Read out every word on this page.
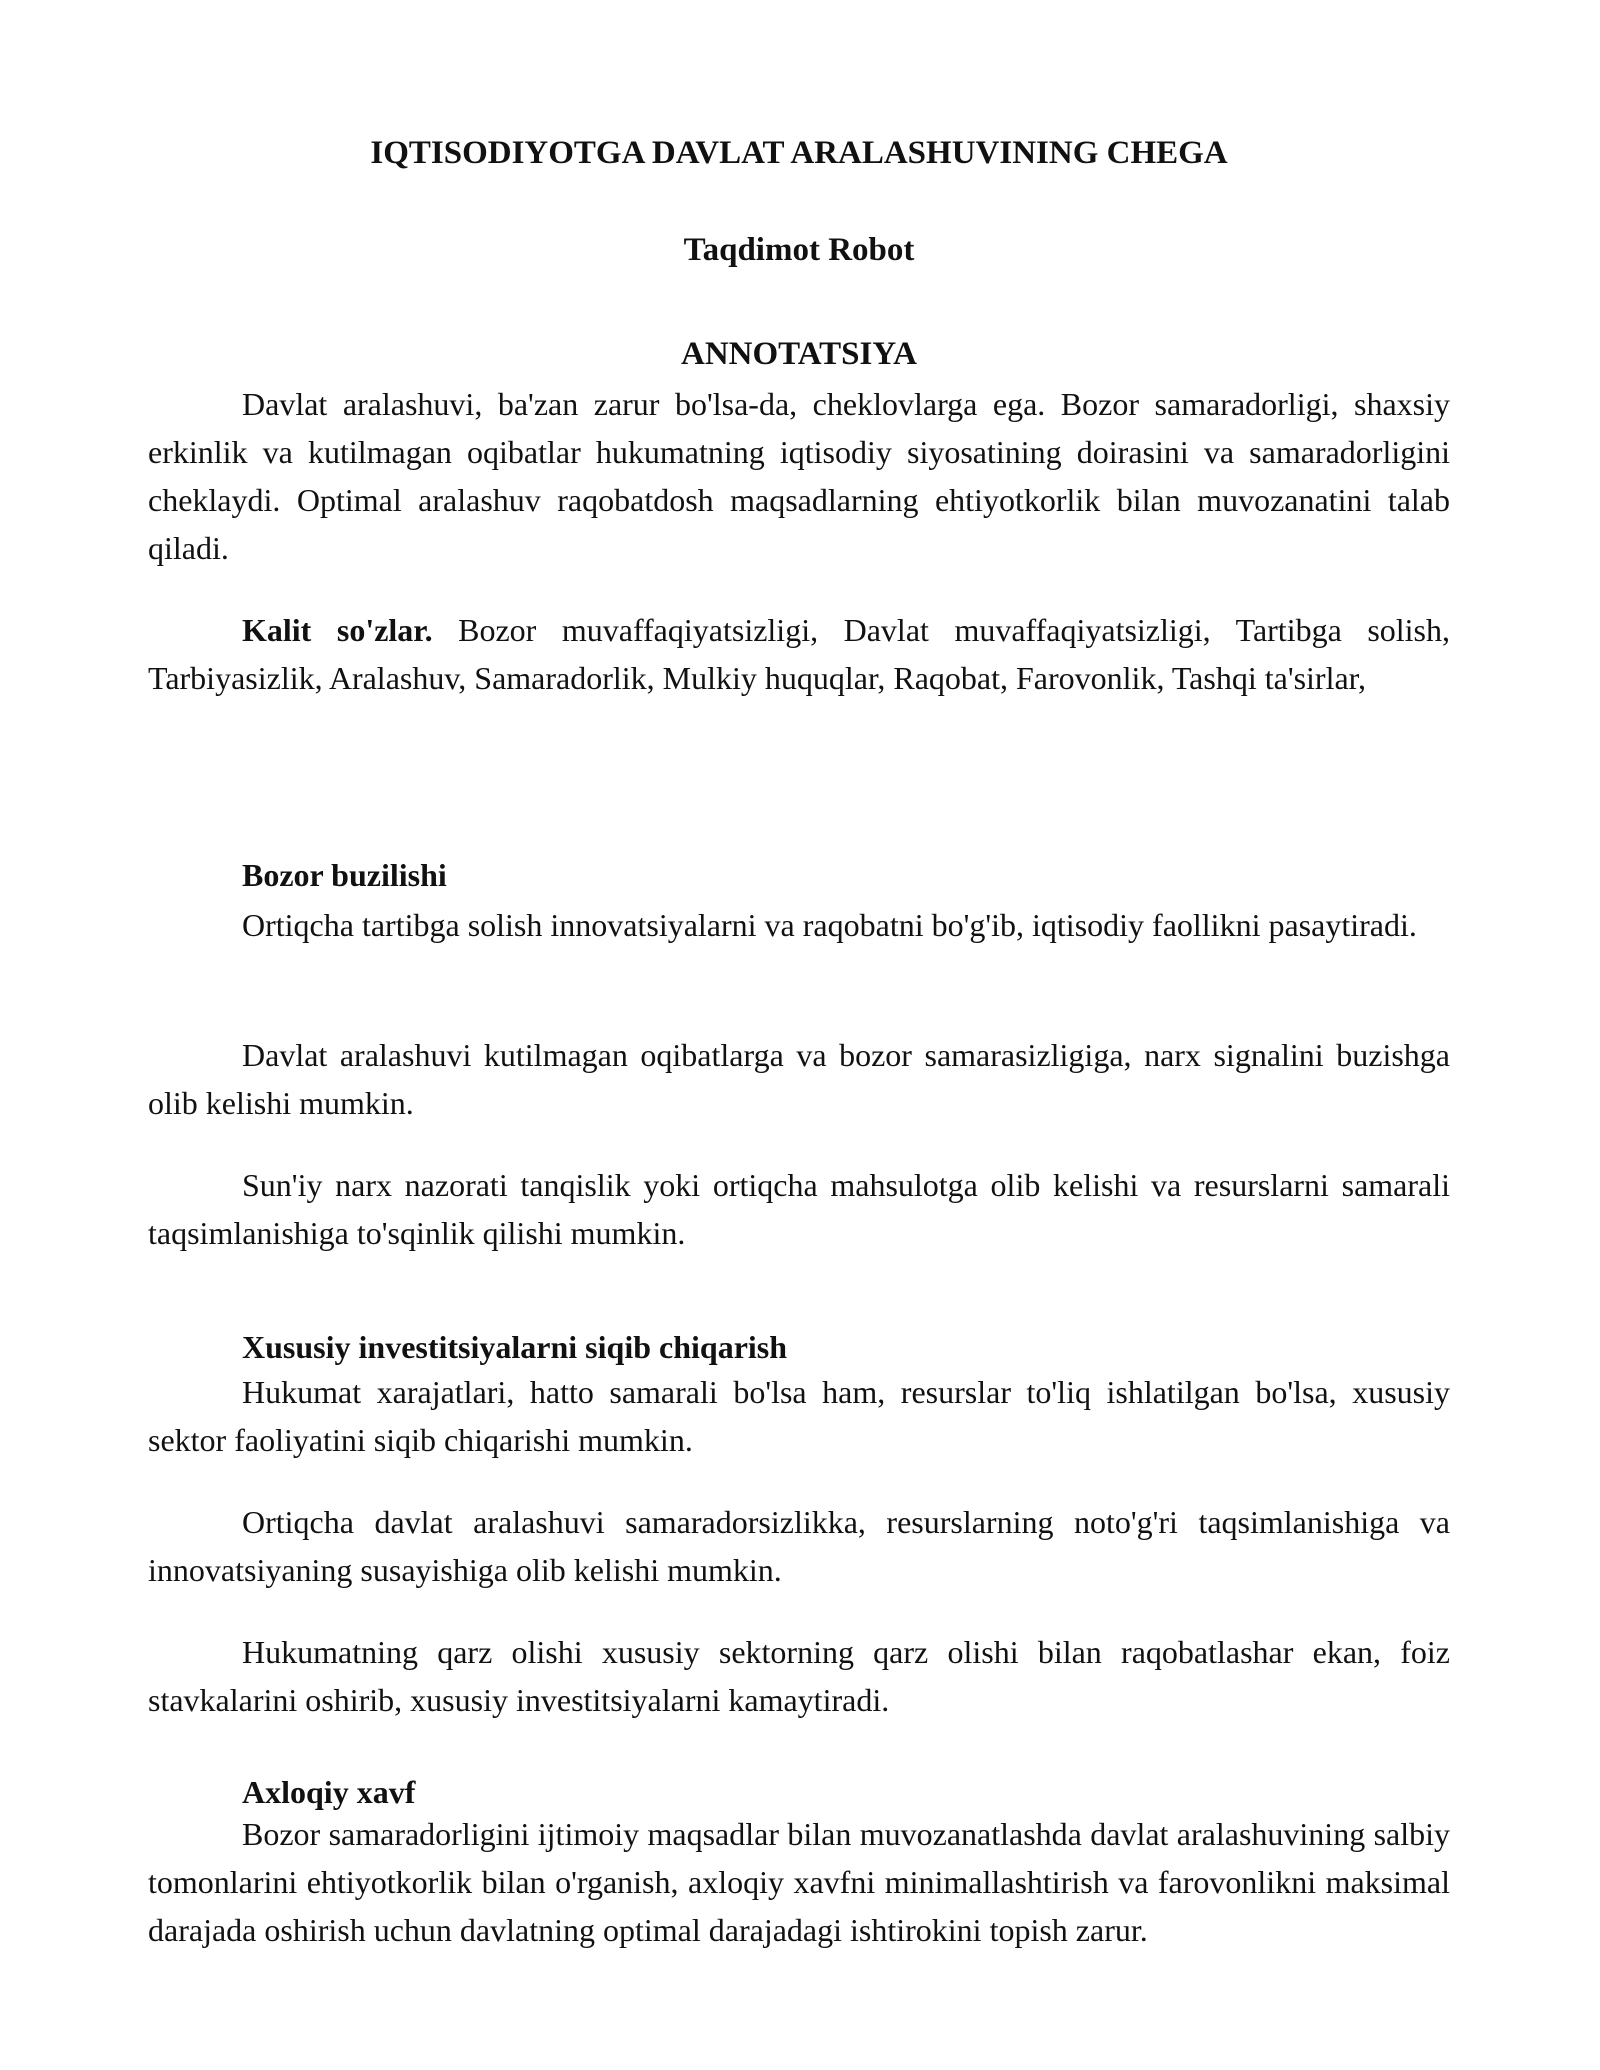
IQTISODIYOTGA DAVLAT ARALASHUVINING CHEGA
Taqdimot Robot
ANNOTATSIYA

Davlat aralashuvi, ba'zan zarur bo'lsa-da, cheklovlarga ega. Bozor samaradorligi, shaxsiy erkinlik va kutilmagan oqibatlar hukumatning iqtisodiy siyosatining doirasini va samaradorligini cheklaydi. Optimal aralashuv raqobatdosh maqsadlarning ehtiyotkorlik bilan muvozanatini talab qiladi.

Kalit so'zlar. Bozor muvaffaqiyatsizligi, Davlat muvaffaqiyatsizligi, Tartibga solish, Tarbiyasizlik, Aralashuv, Samaradorlik, Mulkiy huquqlar, Raqobat, Farovonlik, Tashqi ta'sirlar,

Bozor buzilishi

Ortiqcha tartibga solish innovatsiyalarni va raqobatni bo'g'ib, iqtisodiy faollikni pasaytiradi.

Davlat aralashuvi kutilmagan oqibatlarga va bozor samarasizligiga, narx signalini buzishga olib kelishi mumkin.

Sun'iy narx nazorati tanqislik yoki ortiqcha mahsulotga olib kelishi va resurslarni samarali taqsimlanishiga to'sqinlik qilishi mumkin.

Xususiy investitsiyalarni siqib chiqarish

Hukumat xarajatlari, hatto samarali bo'lsa ham, resurslar to'liq ishlatilgan bo'lsa, xususiy sektor faoliyatini siqib chiqarishi mumkin.

Ortiqcha davlat aralashuvi samaradorsizlikka, resurslarning noto'g'ri taqsimlanishiga va innovatsiyaning susayishiga olib kelishi mumkin.

Hukumatning qarz olishi xususiy sektorning qarz olishi bilan raqobatlashar ekan, foiz stavkalarini oshirib, xususiy investitsiyalarni kamaytiradi.

Axloqiy xavf

Bozor samaradorligini ijtimoiy maqsadlar bilan muvozanatlashda davlat aralashuvining salbiy tomonlarini ehtiyotkorlik bilan o'rganish, axloqiy xavfni minimallashtirish va farovonlikni maksimal darajada oshirish uchun davlatning optimal darajadagi ishtirokini topish zarur.
